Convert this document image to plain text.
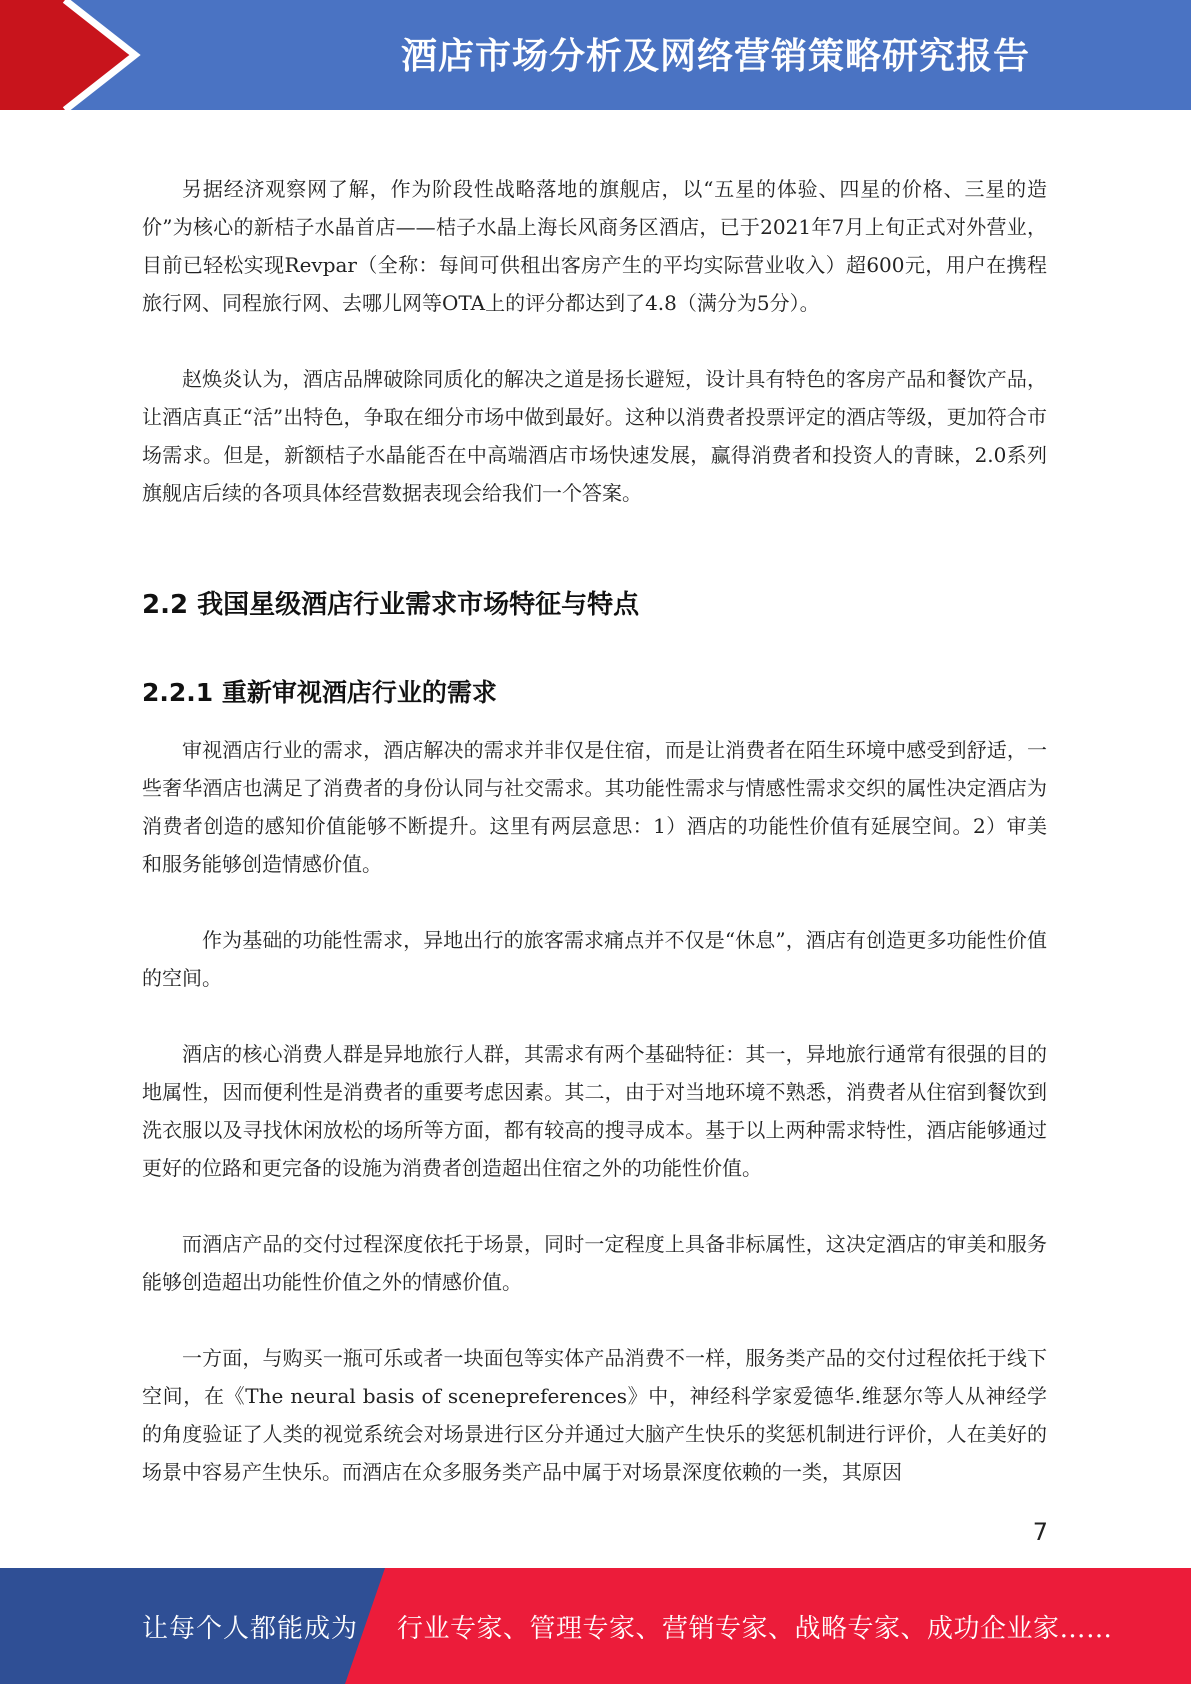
酒店市场分析及网络营销策略研究报告

另据经济观察网了解，作为阶段性战略落地的旗舰店，以“五星的体验、四星的价格、三星的造价”为核心的新桔子水晶首店——桔子水晶上海长风商务区酒店，已于2021年7月上旬正式对外营业，目前已轻松实现Revpar（全称：每间可供租出客房产生的平均实际营业收入）超600元，用户在携程旅行网、同程旅行网、去哪儿网等OTA上的评分都达到了4.8（满分为5分）。

赵焕炎认为，酒店品牌破除同质化的解决之道是扬长避短，设计具有特色的客房产品和餐饮产品，让酒店真正“活”出特色，争取在细分市场中做到最好。这种以消费者投票评定的酒店等级，更加符合市场需求。但是，新额桔子水晶能否在中高端酒店市场快速发展，赢得消费者和投资人的青睐，2.0系列旗舰店后续的各项具体经营数据表现会给我们一个答案。

2.2 我国星级酒店行业需求市场特征与特点
2.2.1 重新审视酒店行业的需求

审视酒店行业的需求，酒店解决的需求并非仅是住宿，而是让消费者在陌生环境中感受到舒适，一些奢华酒店也满足了消费者的身份认同与社交需求。其功能性需求与情感性需求交织的属性决定酒店为消费者创造的感知价值能够不断提升。这里有两层意思：1）酒店的功能性价值有延展空间。2）审美和服务能够创造情感价值。

作为基础的功能性需求，异地出行的旅客需求痛点并不仅是“休息”，酒店有创造更多功能性价值的空间。

酒店的核心消费人群是异地旅行人群，其需求有两个基础特征：其一，异地旅行通常有很强的目的地属性，因而便利性是消费者的重要考虑因素。其二，由于对当地环境不熟悉，消费者从住宿到餐饮到洗衣服以及寻找休闲放松的场所等方面，都有较高的搜寻成本。基于以上两种需求特性，酒店能够通过更好的位路和更完备的设施为消费者创造超出住宿之外的功能性价值。

而酒店产品的交付过程深度依托于场景，同时一定程度上具备非标属性，这决定酒店的审美和服务能够创造超出功能性价值之外的情感价值。

一方面，与购买一瓶可乐或者一块面包等实体产品消费不一样，服务类产品的交付过程依托于线下空间，在《The neural basis of scenepreferences》中，神经科学家爱德华.维瑟尔等人从神经学的角度验证了人类的视觉系统会对场景进行区分并通过大脑产生快乐的奖惩机制进行评价，人在美好的场景中容易产生快乐。而酒店在众多服务类产品中属于对场景深度依赖的一类，其原因

7
让每个人都能成为 行业专家、管理专家、营销专家、战略专家、成功企业家……
